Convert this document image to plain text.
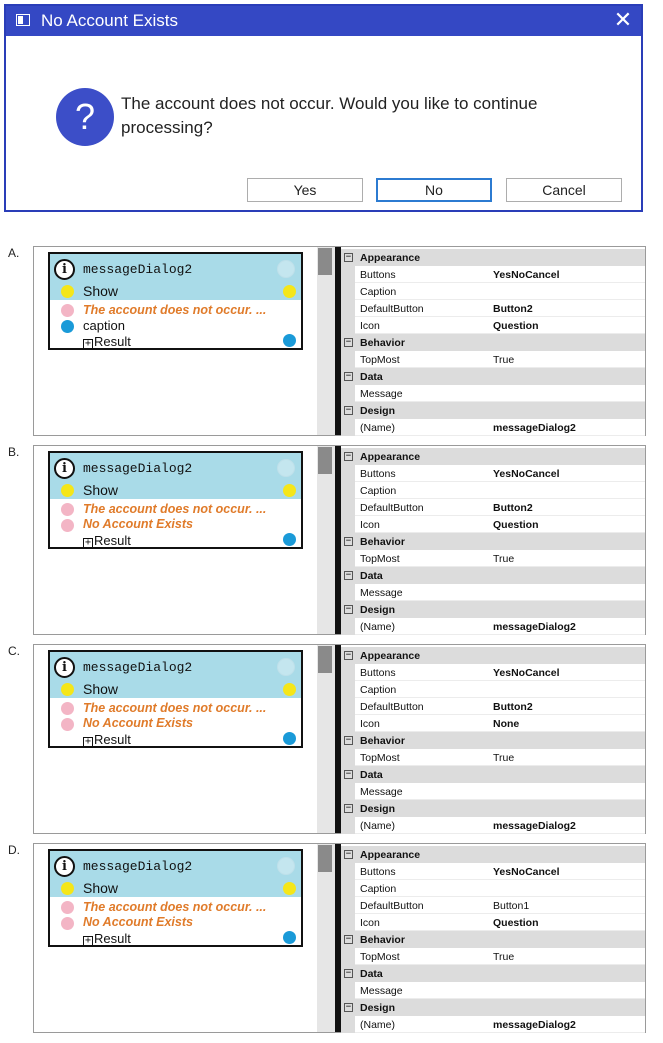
No Account Exists	✕
?	The account does not occur. Would you like to continue processing?
Yes	No	Cancel
A.
i	messageDialog2
Show
The account does not occur. ...
caption
+ Result
− Appearance
Buttons	YesNoCancel
Caption
DefaultButton	Button2
Icon	Question
− Behavior
TopMost	True
− Data
Message
− Design
(Name)	messageDialog2
B.
i	messageDialog2
Show
The account does not occur. ...
No Account Exists
+ Result
− Appearance
Buttons	YesNoCancel
Caption
DefaultButton	Button2
Icon	Question
− Behavior
TopMost	True
− Data
Message
− Design
(Name)	messageDialog2
C.
i	messageDialog2
Show
The account does not occur. ...
No Account Exists
+ Result
− Appearance
Buttons	YesNoCancel
Caption
DefaultButton	Button2
Icon	None
− Behavior
TopMost	True
− Data
Message
− Design
(Name)	messageDialog2
D.
i	messageDialog2
Show
The account does not occur. ...
No Account Exists
+ Result
− Appearance
Buttons	YesNoCancel
Caption
DefaultButton	Button1
Icon	Question
− Behavior
TopMost	True
− Data
Message
− Design
(Name)	messageDialog2
